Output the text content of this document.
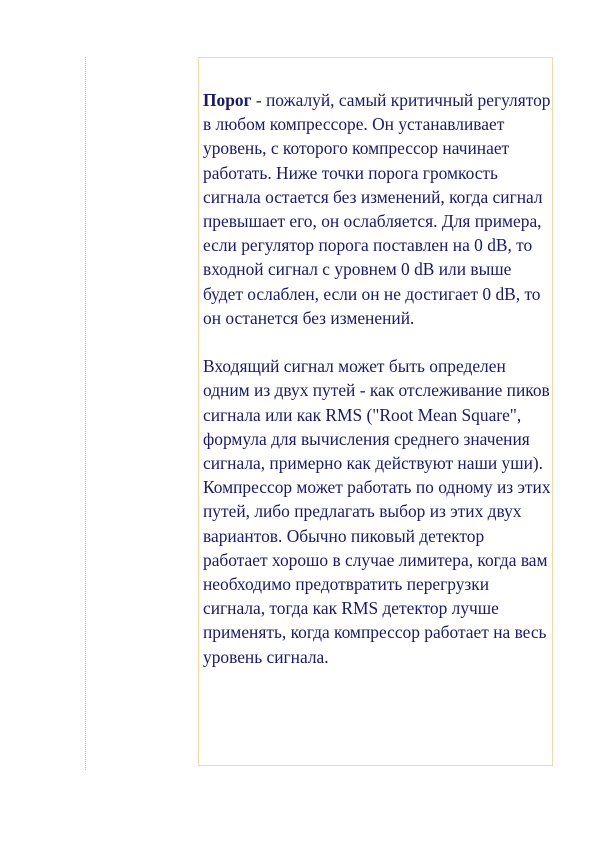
Порог - пожалуй, самый критичный регулятор в любом компрессоре. Он устанавливает уровень, с которого компрессор начинает работать. Ниже точки порога громкость сигнала остается без изменений, когда сигнал превышает его, он ослабляется. Для примера, если регулятор порога поставлен на 0 dB, то входной сигнал с уровнем 0 dB или выше будет ослаблен, если он не достигает 0 dB, то он останется без изменений.

Входящий сигнал может быть определен одним из двух путей - как отслеживание пиков сигнала или как RMS ("Root Mean Square", формула для вычисления среднего значения сигнала, примерно как действуют наши уши). Компрессор может работать по одному из этих путей, либо предлагать выбор из этих двух вариантов. Обычно пиковый детектор работает хорошо в случае лимитера, когда вам необходимо предотвратить перегрузки сигнала, тогда как RMS детектор лучше применять, когда компрессор работает на весь уровень сигнала.
